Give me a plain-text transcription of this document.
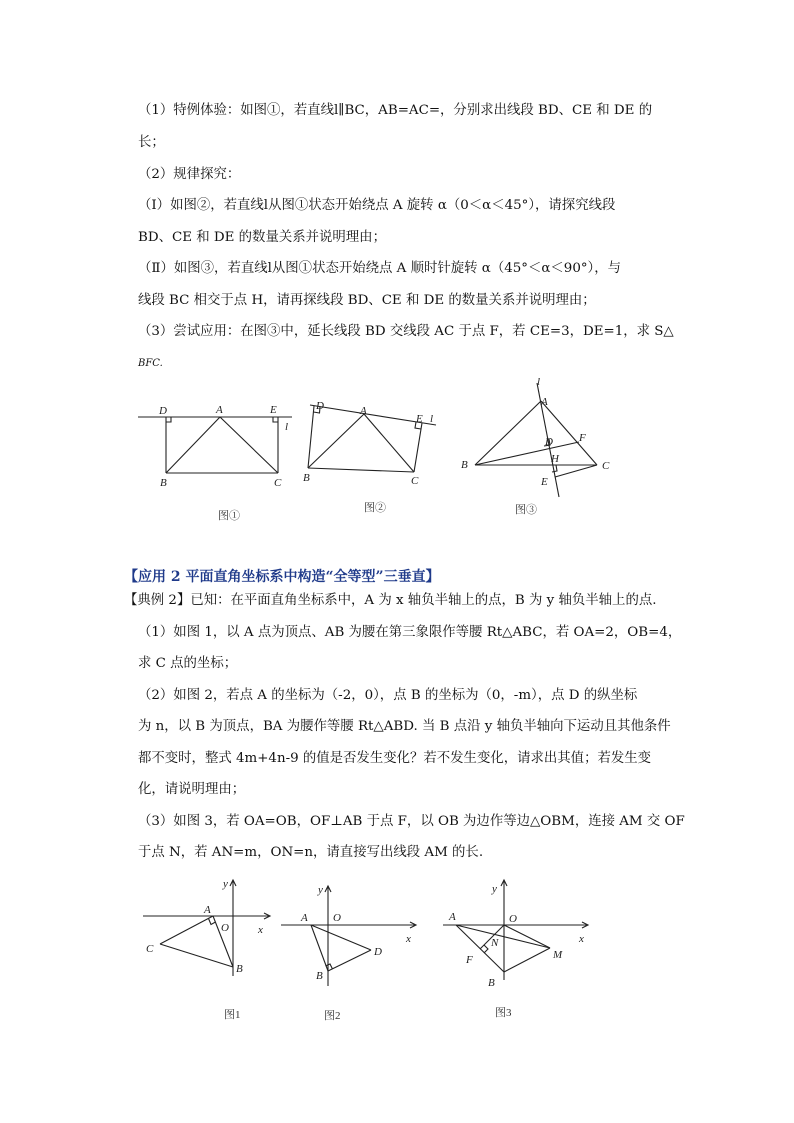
（1）特例体验：如图①，若直线l∥BC，AB=AC=，分别求出线段 BD、CE 和 DE 的
长；
（2）规律探究：
（Ⅰ）如图②，若直线l从图①状态开始绕点 A 旋转 α（0＜α＜45°），请探究线段
BD、CE 和 DE 的数量关系并说明理由；
（Ⅱ）如图③，若直线l从图①状态开始绕点 A 顺时针旋转 α（45°＜α＜90°），与
线段 BC 相交于点 H，请再探线段 BD、CE 和 DE 的数量关系并说明理由；
（3）尝试应用：在图③中，延长线段 BD 交线段 AC 于点 F，若 CE=3，DE=1，求 S△
BFC.
D	A	E
l
B	C
图①
D	A
E l
B	C
图②
l
A
D F
B	H
C
E
图③
【应用 2 平面直角坐标系中构造“全等型”三垂直】
【典例 2】已知：在平面直角坐标系中，A 为 x 轴负半轴上的点，B 为 y 轴负半轴上的点.
（1）如图 1，以 A 点为顶点、AB 为腰在第三象限作等腰 Rt△ABC，若 OA=2，OB=4，
求 C 点的坐标；
（2）如图 2，若点 A 的坐标为（-2，0），点 B 的坐标为（0，-m），点 D 的纵坐标
为 n，以 B 为顶点，BA 为腰作等腰 Rt△ABD. 当 B 点沿 y 轴负半轴向下运动且其他条件
都不变时，整式 4m+4n-9 的值是否发生变化？若不发生变化，请求出其值；若发生变
化，请说明理由；
（3）如图 3，若 OA=OB，OF⊥AB 于点 F，以 OB 为边作等边△OBM，连接 AM 交 OF
于点 N，若 AN=m，ON=n，请直接写出线段 AM 的长.
y
A
O	x
C
B
图1
y
A O
x
D
B
图2
y
A	O
x
N
F	M
B
图3
